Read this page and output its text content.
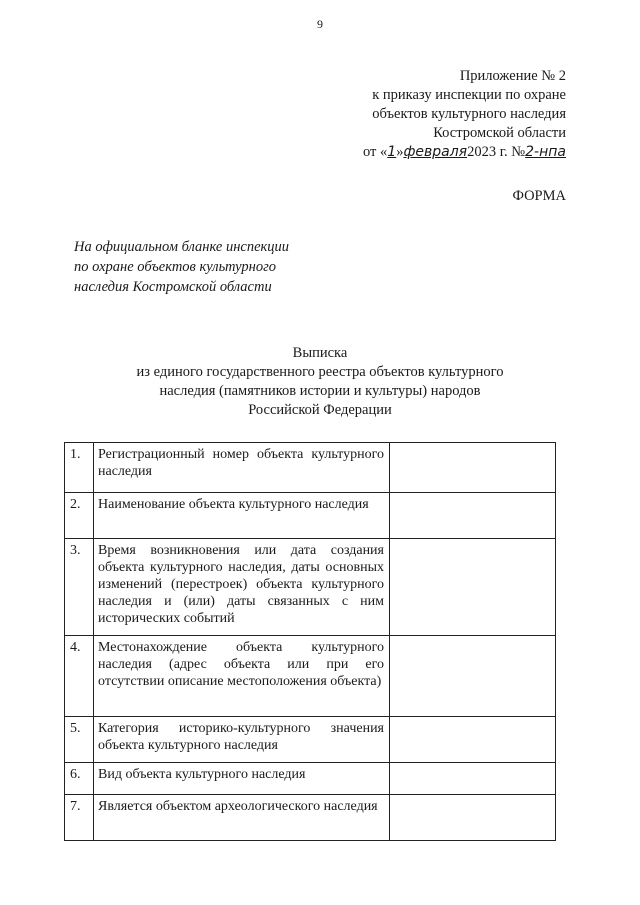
9
Приложение № 2
к приказу инспекции по охране
объектов культурного наследия
Костромской области
от «1»февраля2023 г. №2-нпа
ФОРМА
На официальном бланке инспекции
по охране объектов культурного
наследия Костромской области
Выписка
из единого государственного реестра объектов культурного
наследия (памятников истории и культуры) народов
Российской Федерации
1.	Регистрационный номер объекта культурного наследия	
2.	Наименование объекта культурного наследия	
3.	Время возникновения или дата создания объекта культурного наследия, даты основных изменений (перестроек) объекта культурного наследия и (или) даты связанных с ним исторических событий	
4.	Местонахождение объекта культурного наследия (адрес объекта или при его отсутствии описание местоположения объекта)	
5.	Категория историко-культурного значения объекта культурного наследия	
6.	Вид объекта культурного наследия	
7.	Является объектом археологического наследия	
